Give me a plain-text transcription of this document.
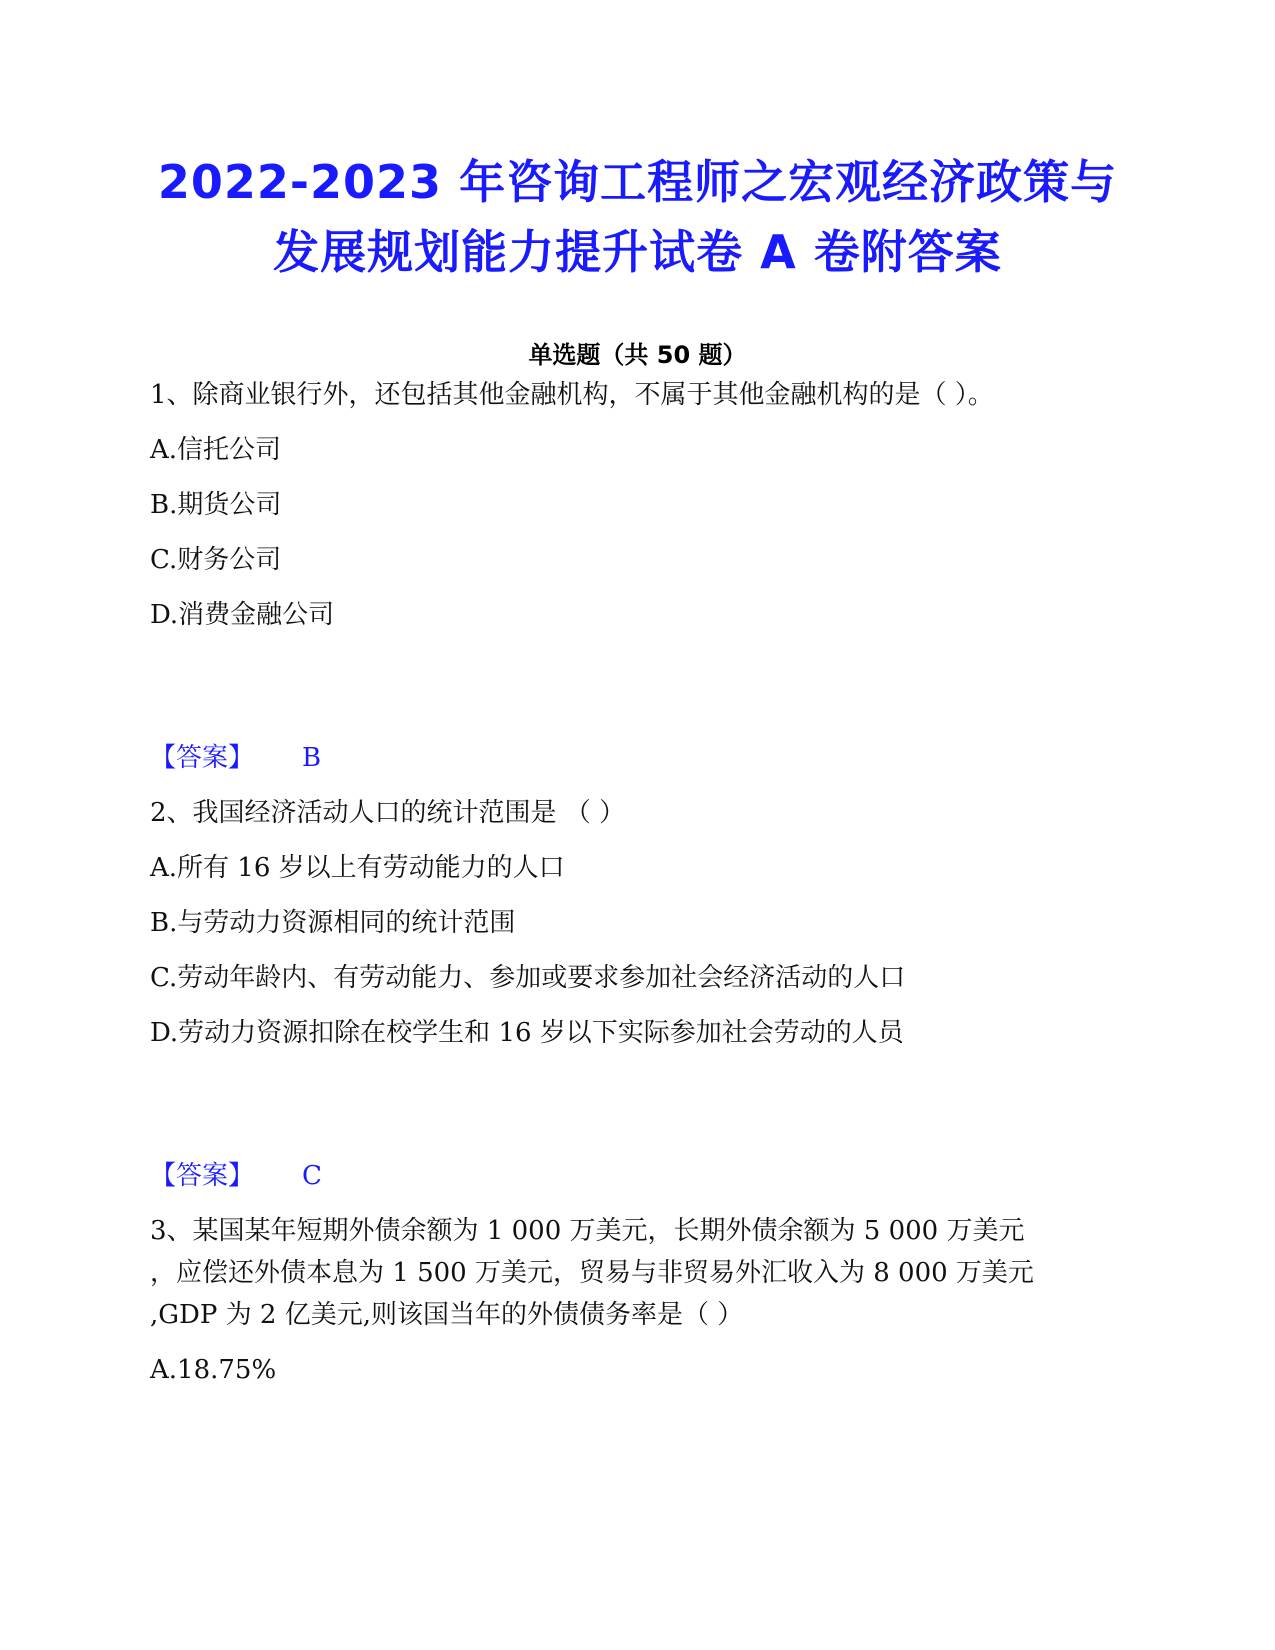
2022-2023 年咨询工程师之宏观经济政策与
发展规划能力提升试卷 A 卷附答案
单选题（共 50 题）
1、除商业银行外，还包括其他金融机构，不属于其他金融机构的是（ ）。
A.信托公司
B.期货公司
C.财务公司
D.消费金融公司
【答案】 B
2、我国经济活动人口的统计范围是 （ ）
A.所有 16 岁以上有劳动能力的人口
B.与劳动力资源相同的统计范围
C.劳动年龄内、有劳动能力、参加或要求参加社会经济活动的人口
D.劳动力资源扣除在校学生和 16 岁以下实际参加社会劳动的人员
【答案】 C
3、某国某年短期外债余额为 1 000 万美元，长期外债余额为 5 000 万美元
，应偿还外债本息为 1 500 万美元，贸易与非贸易外汇收入为 8 000 万美元
,GDP 为 2 亿美元,则该国当年的外债债务率是（ ）
A.18.75%
